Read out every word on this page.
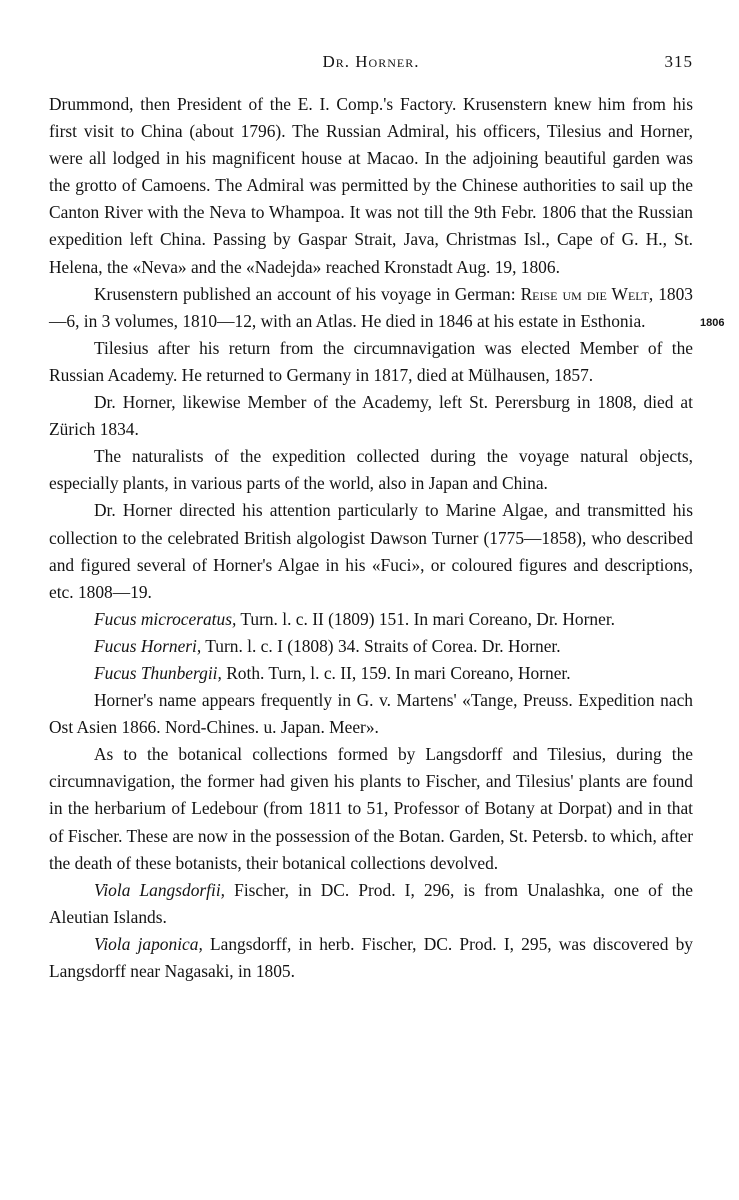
Dr. Horner.	315

Drummond, then President of the E. I. Comp.'s Factory. Krusenstern knew him from his first visit to China (about 1796). The Russian Admiral, his officers, Tilesius and Horner, were all lodged in his magnificent house at Macao. In the adjoining beautiful garden was the grotto of Camoens. The Admiral was permitted by the Chinese authorities to sail up the Canton River with the Neva to Whampoa. It was not till the 9th Febr. 1806 that the Russian expedition left China. Passing by Gaspar Strait, Java, Christmas Isl., Cape of G. H., St. Helena, the «Neva» and the «Nadejda» reached Kronstadt Aug. 19, 1806.

Krusenstern published an account of his voyage in German: Reise um die Welt, 1803—6, in 3 volumes, 1810—12, with an Atlas. He died in 1846 at his estate in Esthonia.

Tilesius after his return from the circumnavigation was elected Member of the Russian Academy. He returned to Germany in 1817, died at Mülhausen, 1857.

Dr. Horner, likewise Member of the Academy, left St. Perersburg in 1808, died at Zürich 1834.

The naturalists of the expedition collected during the voyage natural objects, especially plants, in various parts of the world, also in Japan and China.

Dr. Horner directed his attention particularly to Marine Algae, and transmitted his collection to the celebrated British algologist Dawson Turner (1775—1858), who described and figured several of Horner's Algae in his «Fuci», or coloured figures and descriptions, etc. 1808—19.

Fucus microceratus, Turn. l. c. II (1809) 151. In mari Coreano, Dr. Horner.

Fucus Horneri, Turn. l. c. I (1808) 34. Straits of Corea. Dr. Horner.

Fucus Thunbergii, Roth. Turn, l. c. II, 159. In mari Coreano, Horner.

Horner's name appears frequently in G. v. Martens' «Tange, Preuss. Expedition nach Ost Asien 1866. Nord-Chines. u. Japan. Meer».

As to the botanical collections formed by Langsdorff and Tilesius, during the circumnavigation, the former had given his plants to Fischer, and Tilesius' plants are found in the herbarium of Ledebour (from 1811 to 51, Professor of Botany at Dorpat) and in that of Fischer. These are now in the possession of the Botan. Garden, St. Petersb. to which, after the death of these botanists, their botanical collections devolved.

Viola Langsdorfii, Fischer, in DC. Prod. I, 296, is from Unalashka, one of the Aleutian Islands.

Viola japonica, Langsdorff, in herb. Fischer, DC. Prod. I, 295, was discovered by Langsdorff near Nagasaki, in 1805.

1806
